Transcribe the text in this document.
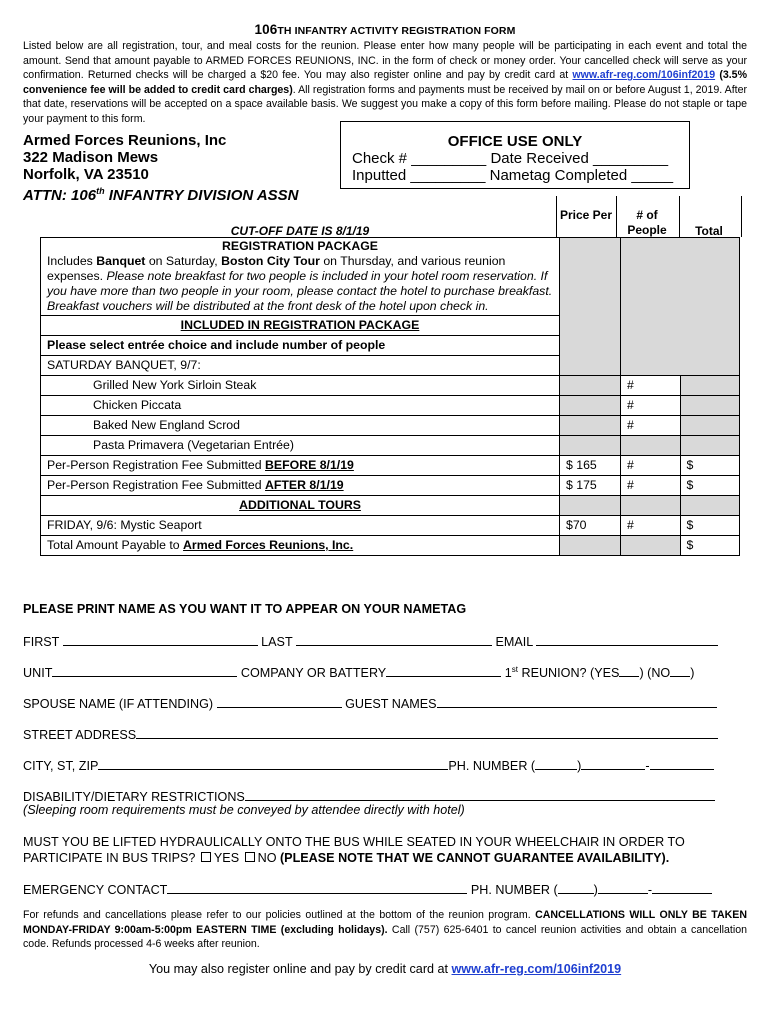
106TH INFANTRY ACTIVITY REGISTRATION FORM
Listed below are all registration, tour, and meal costs for the reunion. Please enter how many people will be participating in each event and total the amount. Send that amount payable to ARMED FORCES REUNIONS, INC. in the form of check or money order. Your cancelled check will serve as your confirmation. Returned checks will be charged a $20 fee. You may also register online and pay by credit card at www.afr-reg.com/106inf2019 (3.5% convenience fee will be added to credit card charges). All registration forms and payments must be received by mail on or before August 1, 2019. After that date, reservations will be accepted on a space available basis. We suggest you make a copy of this form before mailing. Please do not staple or tape your payment to this form.
Armed Forces Reunions, Inc
322 Madison Mews
Norfolk, VA 23510
ATTN: 106th INFANTRY DIVISION ASSN
OFFICE USE ONLY
Check # _________ Date Received _________
Inputted _________ Nametag Completed _____
CUT-OFF DATE IS 8/1/19
Price Per	# of People	Total
REGISTRATION PACKAGE
Includes Banquet on Saturday, Boston City Tour on Thursday, and various reunion expenses. Please note breakfast for two people is included in your hotel room reservation. If you have more than two people in your room, please contact the hotel to purchase breakfast. Breakfast vouchers will be distributed at the front desk of the hotel upon check in.			

INCLUDED IN REGISTRATION PACKAGE			
Please select entrée choice and include number of people			
SATURDAY BANQUET, 9/7:			
Grilled New York Sirloin Steak		#	
Chicken Piccata		#	
Baked New England Scrod		#	
Pasta Primavera (Vegetarian Entrée)			
Per-Person Registration Fee Submitted BEFORE 8/1/19	$ 165	#	$
Per-Person Registration Fee Submitted AFTER 8/1/19	$ 175	#	$
ADDITIONAL TOURS			
FRIDAY, 9/6: Mystic Seaport	$70	#	$
Total Amount Payable to Armed Forces Reunions, Inc.			$
PLEASE PRINT NAME AS YOU WANT IT TO APPEAR ON YOUR NAMETAG
FIRST	LAST	EMAIL
UNIT	COMPANY OR BATTERY	1st REUNION? (YES ) (NO )
SPOUSE NAME (IF ATTENDING)	GUEST NAMES
STREET ADDRESS
CITY, ST, ZIP	PH. NUMBER (	)	-
DISABILITY/DIETARY RESTRICTIONS
(Sleeping room requirements must be conveyed by attendee directly with hotel)
MUST YOU BE LIFTED HYDRAULICALLY ONTO THE BUS WHILE SEATED IN YOUR WHEELCHAIR IN ORDER TO
PARTICIPATE IN BUS TRIPS? YES NO (PLEASE NOTE THAT WE CANNOT GUARANTEE AVAILABILITY).
EMERGENCY CONTACT	PH. NUMBER (	)	-
For refunds and cancellations please refer to our policies outlined at the bottom of the reunion program. CANCELLATIONS WILL ONLY BE TAKEN MONDAY-FRIDAY 9:00am-5:00pm EASTERN TIME (excluding holidays). Call (757) 625-6401 to cancel reunion activities and obtain a cancellation code. Refunds processed 4-6 weeks after reunion.
You may also register online and pay by credit card at www.afr-reg.com/106inf2019
